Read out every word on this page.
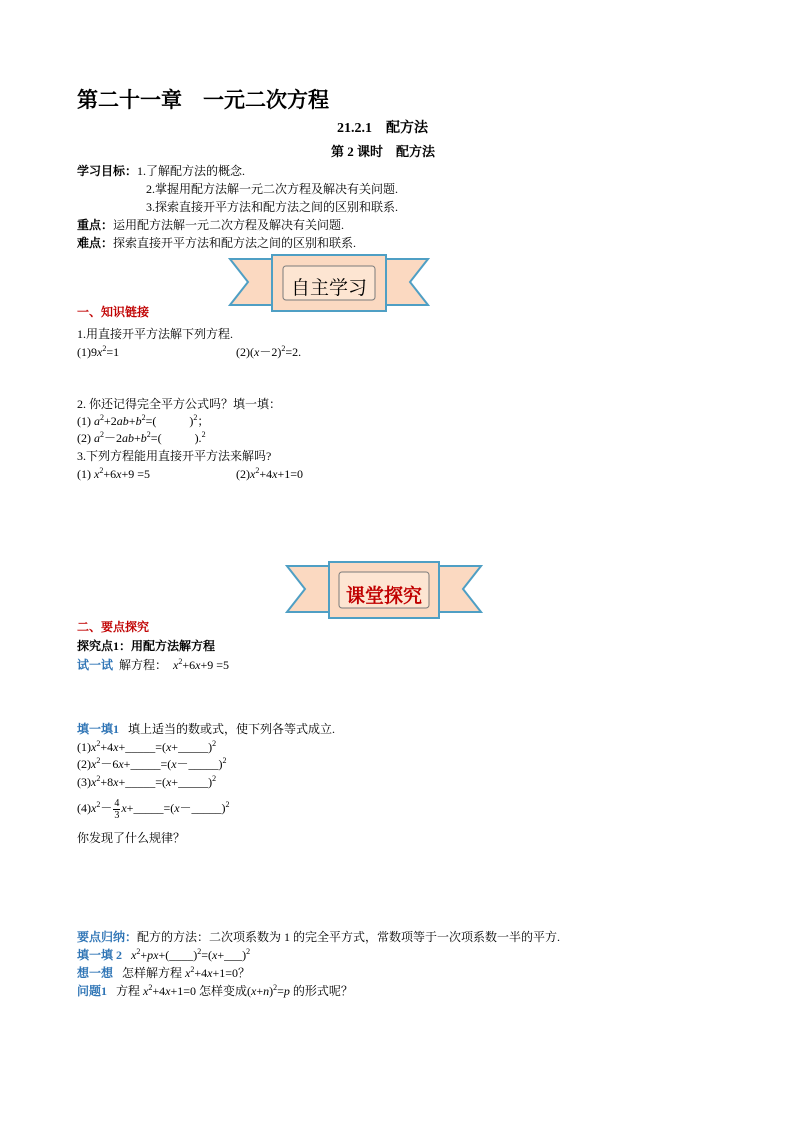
第二十一章　一元二次方程
21.2.1　配方法
第 2 课时　配方法
学习目标：1.了解配方法的概念.
2.掌握用配方法解一元二次方程及解决有关问题.
3.探索直接开平方法和配方法之间的区别和联系.
重点：运用配方法解一元二次方程及解决有关问题.
难点：探索直接开平方法和配方法之间的区别和联系.
自主学习
一、知识链接
1.用直接开平方法解下列方程.
$(1)9x^2=1$	$(2)(x-2)^2=2$.
2. 你还记得完全平方公式吗？填一填：
(1) $a^2+2ab+b^2=$(           )$^2$；
(2) $a^2-2ab+b^2=$(           ).$^2$
3.下列方程能用直接开平方法来解吗?
(1) $x^2+6x+9 =5$	$(2)x^2+4x+1=0$
课堂探究
二、要点探究
探究点1：用配方法解方程
试一试 解方程： $x^2+6x+9 =5$
填一填1 填上适当的数或式，使下列各等式成立.
$(1)x^2+4x+\_\_\_\_\_=(x+\_\_\_\_\_)^2$
$(2)x^2-6x+\_\_\_\_\_=(x-\_\_\_\_\_)^2$
$(3)x^2+8x+\_\_\_\_\_=(x+\_\_\_\_\_)^2$
$(4)x^2- \frac{4}{3}$ x+_____=(x－_____)$^2$
你发现了什么规律？
要点归纳：配方的方法：二次项系数为 1 的完全平方式，常数项等于一次项系数一半的平方.
填一填 2 $x^2+px+(\_\_\_\_)^2=(x+\_\_\_)^2$
想一想 怎样解方程 $x^2+4x+1=0$？
问题1 方程 $x^2+4x+1=0$ 怎样变成$(x+n)^2=p$ 的形式呢？
